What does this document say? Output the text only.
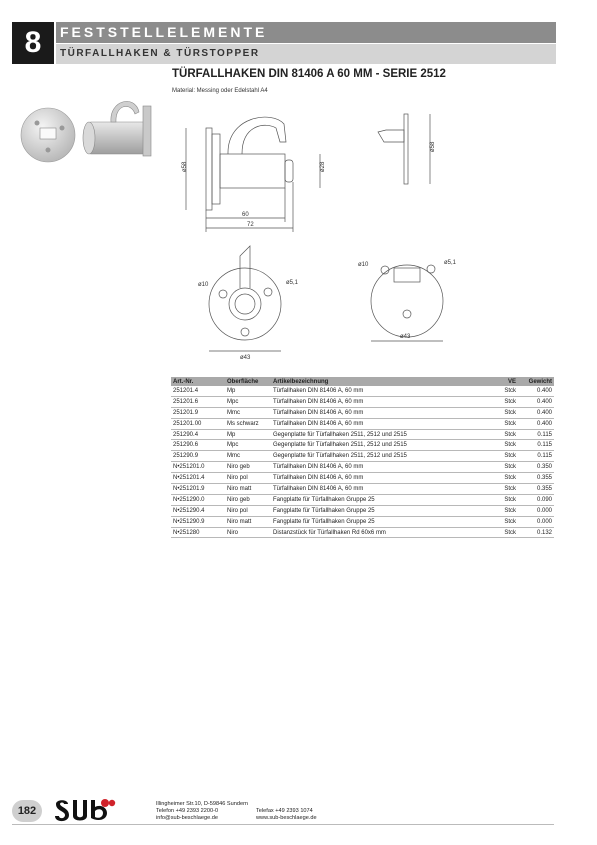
8	FESTSTELLELEMENTE
TÜRFALLHAKEN & TÜRSTOPPER
TÜRFALLHAKEN DIN 81406 A 60 MM - SERIE 2512
Material: Messing oder Edelstahl A4
ø58	ø28
60
72
ø58
ø10	ø5,1
ø43
ø10	ø5,1
ø43
Art.-Nr.	Oberfläche	Artikelbezeichnung	VE	Gewicht
251201.4	Mp	Türfallhaken DIN 81406 A, 60 mm	Stck	0.400
251201.6	Mpc	Türfallhaken DIN 81406 A, 60 mm	Stck	0.400
251201.9	Mmc	Türfallhaken DIN 81406 A, 60 mm	Stck	0.400
251201.00	Ms schwarz	Türfallhaken DIN 81406 A, 60 mm	Stck	0.400
251290.4	Mp	Gegenplatte für Türfallhaken 2511, 2512 und 2515	Stck	0.115
251290.6	Mpc	Gegenplatte für Türfallhaken 2511, 2512 und 2515	Stck	0.115
251290.9	Mmc	Gegenplatte für Türfallhaken 2511, 2512 und 2515	Stck	0.115
N•251201.0	Niro geb	Türfallhaken DIN 81406 A, 60 mm	Stck	0.350
N•251201.4	Niro pol	Türfallhaken DIN 81406 A, 60 mm	Stck	0.355
N•251201.9	Niro matt	Türfallhaken DIN 81406 A, 60 mm	Stck	0.355
N•251290.0	Niro geb	Fangplatte für Türfallhaken Gruppe 25	Stck	0.090
N•251290.4	Niro pol	Fangplatte für Türfallhaken Gruppe 25	Stck	0.000
N•251290.9	Niro matt	Fangplatte für Türfallhaken Gruppe 25	Stck	0.000
N•251280	Niro	Distanzstück für Türfallhaken Rd 60x6 mm	Stck	0.132
182
Illingheimer Str.10, D-59846 Sundern
Telefon +49 2393 2200-0
info@sub-beschlaege.de
Telefax +49 2393 1074
www.sub-beschlaege.de
